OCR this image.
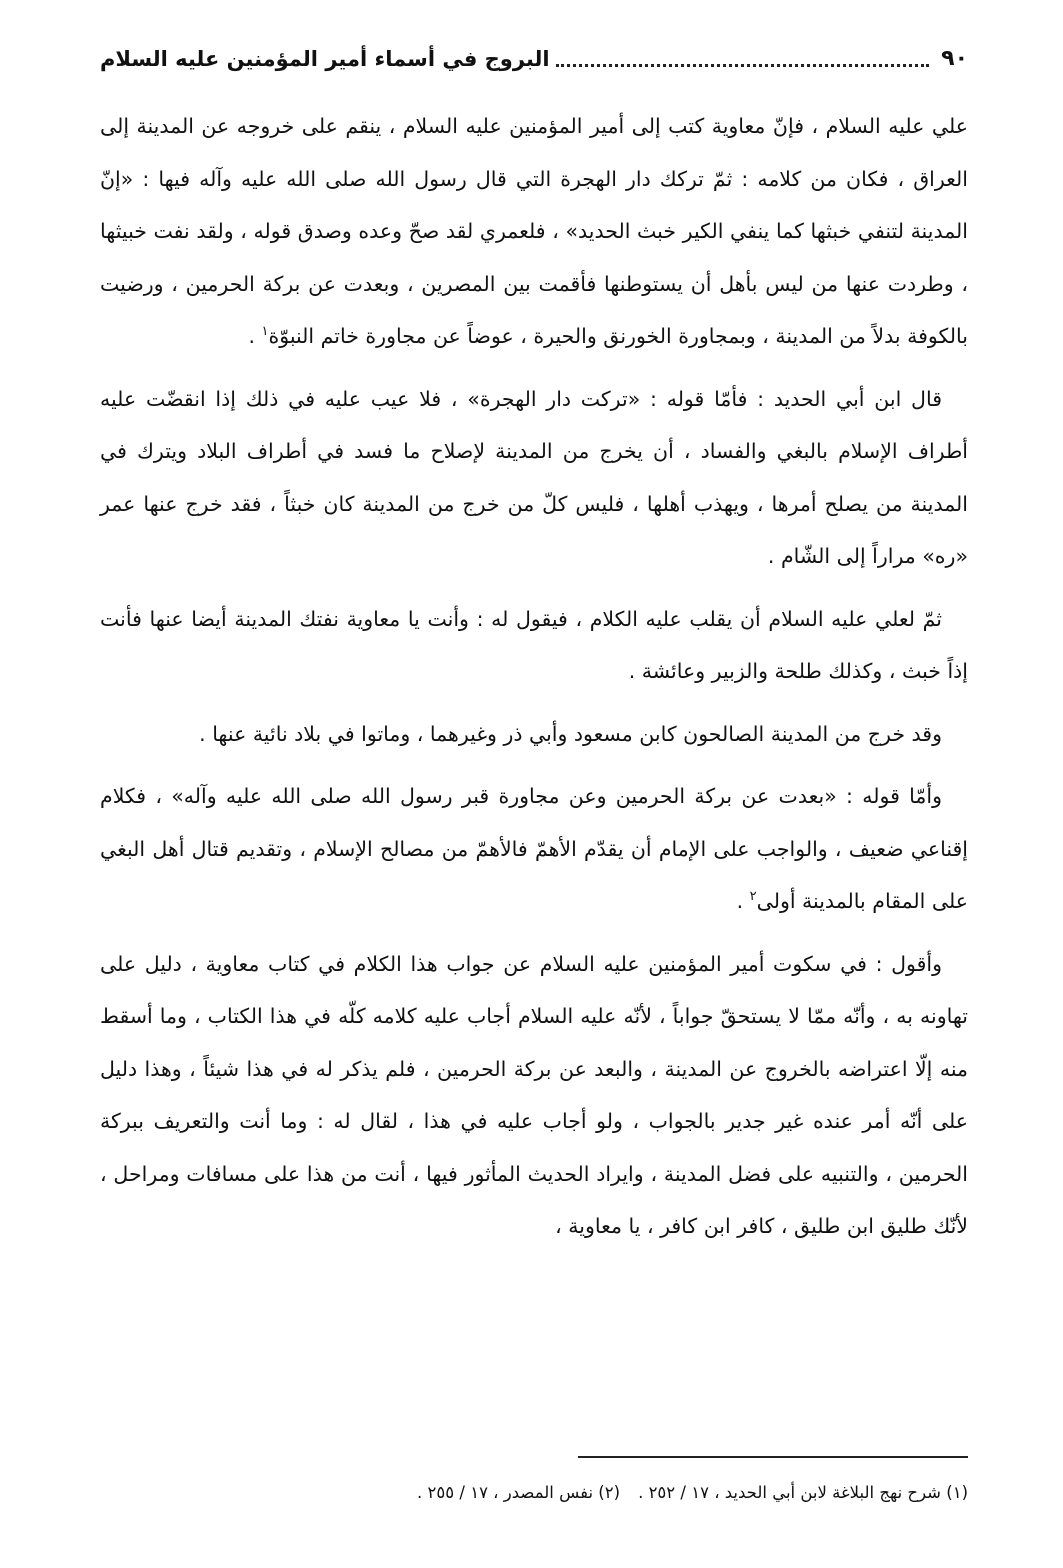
٩٠
البروج في أسماء أمير المؤمنين عليه السلام

علي عليه السلام ، فإنّ معاوية كتب إلى أمير المؤمنين عليه السلام ، ينقم على خروجه عن المدينة إلى العراق ، فكان من كلامه : ثمّ تركك دار الهجرة التي قال رسول الله صلى الله عليه وآله فيها : «إنّ المدينة لتنفي خبثها كما ينفي الكير خبث الحديد» ، فلعمري لقد صحّ وعده وصدق قوله ، ولقد نفت خبيثها ، وطردت عنها من ليس بأهل أن يستوطنها فأقمت بين المصرين ، وبعدت عن بركة الحرمين ، ورضيت بالكوفة بدلاً من المدينة ، وبمجاورة الخورنق والحيرة ، عوضاً عن مجاورة خاتم النبوّة$^١$ .

قال ابن أبي الحديد : فأمّا قوله : «تركت دار الهجرة» ، فلا عيب عليه في ذلك إذا انقضّت عليه أطراف الإسلام بالبغي والفساد ، أن يخرج من المدينة لإصلاح ما فسد في أطراف البلاد ويترك في المدينة من يصلح أمرها ، ويهذب أهلها ، فليس كلّ من خرج من المدينة كان خبثاً ، فقد خرج عنها عمر «ره» مراراً إلى الشّام .

ثمّ لعلي عليه السلام أن يقلب عليه الكلام ، فيقول له : وأنت يا معاوية نفتك المدينة أيضا عنها فأنت إذاً خبث ، وكذلك طلحة والزبير وعائشة .

وقد خرج من المدينة الصالحون كابن مسعود وأبي ذر وغيرهما ، وماتوا في بلاد نائية عنها .

وأمّا قوله : «بعدت عن بركة الحرمين وعن مجاورة قبر رسول الله صلى الله عليه وآله» ، فكلام إقناعي ضعيف ، والواجب على الإمام أن يقدّم الأهمّ فالأهمّ من مصالح الإسلام ، وتقديم قتال أهل البغي على المقام بالمدينة أولى$^٢$ .

وأقول : في سكوت أمير المؤمنين عليه السلام عن جواب هذا الكلام في كتاب معاوية ، دليل على تهاونه به ، وأنّه ممّا لا يستحقّ جواباً ، لأنّه عليه السلام أجاب عليه كلامه كلّه في هذا الكتاب ، وما أسقط منه إلّا اعتراضه بالخروج عن المدينة ، والبعد عن بركة الحرمين ، فلم يذكر له في هذا شيئاً ، وهذا دليل على أنّه أمر عنده غير جدير بالجواب ، ولو أجاب عليه في هذا ، لقال له : وما أنت والتعريف ببركة الحرمين ، والتنبيه على فضل المدينة ، وايراد الحديث المأثور فيها ، أنت من هذا على مسافات ومراحل ، لأنّك طليق ابن طليق ، كافر ابن كافر ، يا معاوية ،

(١) شرح نهج البلاغة لابن أبي الحديد ، ١٧ / ٢٥٢ .(٢) نفس المصدر ، ١٧ / ٢٥٥ .
